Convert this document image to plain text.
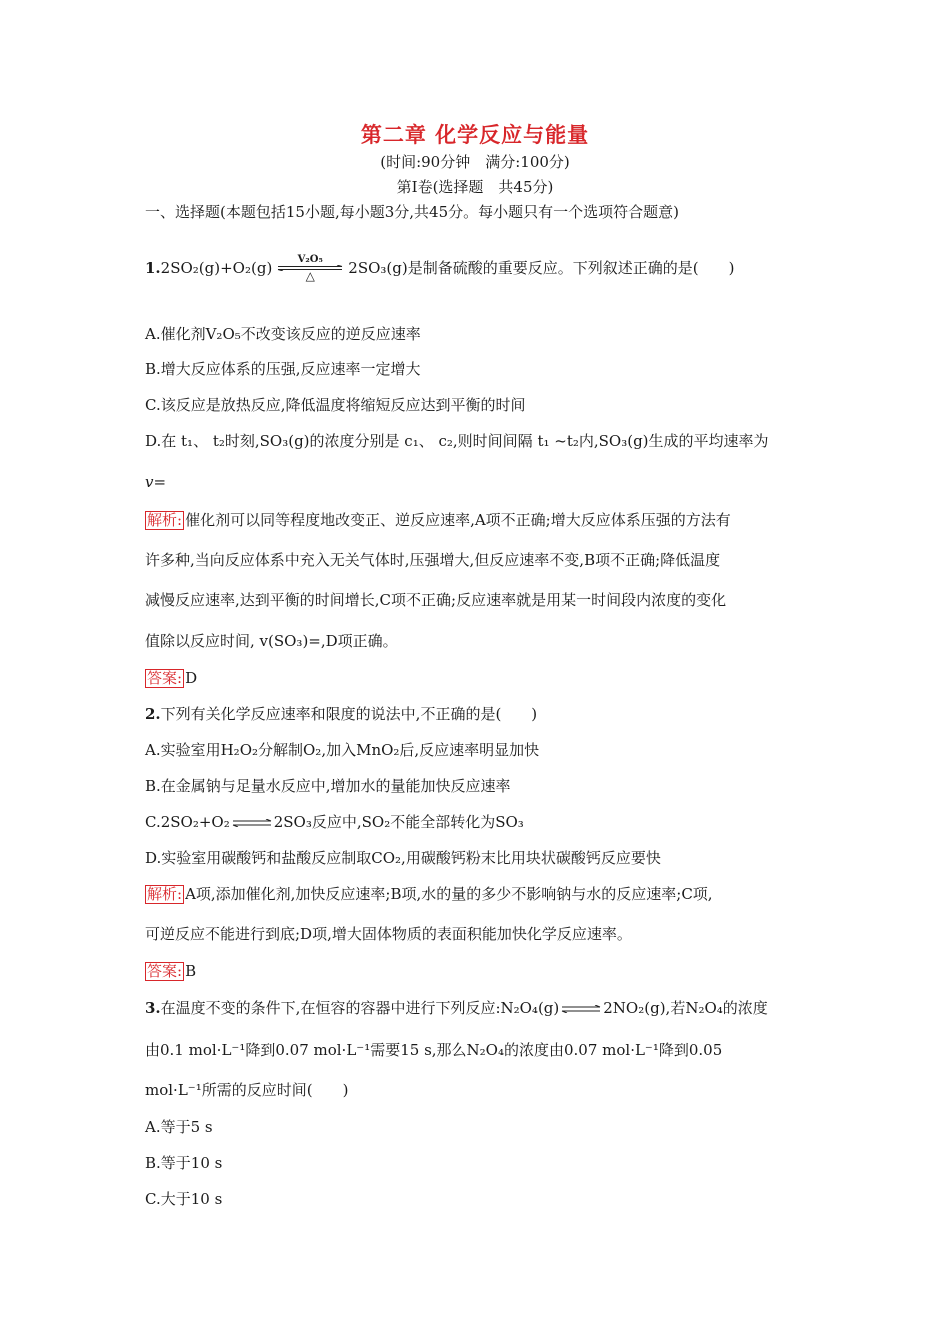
第二章 化学反应与能量
(时间:90分钟　满分:100分)
第Ⅰ卷(选择题　共45分)
一、选择题(本题包括15小题,每小题3分,共45分。每小题只有一个选项符合题意)
1.2SO₂(g)+O₂(g)	V₂O₅
△	2SO₃(g)是制备硫酸的重要反应。下列叙述正确的是(　　)
A.催化剂V₂O₅不改变该反应的逆反应速率
B.增大反应体系的压强,反应速率一定增大
C.该反应是放热反应,降低温度将缩短反应达到平衡的时间
D.在 t₁、 t₂时刻,SO₃(g)的浓度分别是 c₁、 c₂,则时间间隔 t₁ ~t₂内,SO₃(g)生成的平均速率为
v=
解析: 催化剂可以同等程度地改变正、逆反应速率,A项不正确;增大反应体系压强的方法有
许多种,当向反应体系中充入无关气体时,压强增大,但反应速率不变,B项不正确;降低温度
减慢反应速率,达到平衡的时间增长,C项不正确;反应速率就是用某一时间段内浓度的变化
值除以反应时间, v(SO₃)=,D项正确。
答案: D
2.下列有关化学反应速率和限度的说法中,不正确的是(　　)
A.实验室用H₂O₂分解制O₂,加入MnO₂后,反应速率明显加快
B.在金属钠与足量水反应中,增加水的量能加快反应速率
C.2SO₂+O₂ ⇌ 2SO₃反应中,SO₂不能全部转化为SO₃
D.实验室用碳酸钙和盐酸反应制取CO₂,用碳酸钙粉末比用块状碳酸钙反应要快
解析: A项,添加催化剂,加快反应速率;B项,水的量的多少不影响钠与水的反应速率;C项,
可逆反应不能进行到底;D项,增大固体物质的表面积能加快化学反应速率。
答案: B
3.在温度不变的条件下,在恒容的容器中进行下列反应:N₂O₄(g) ⇌ 2NO₂(g),若N₂O₄的浓度
由0.1 mol·L⁻¹降到0.07 mol·L⁻¹需要15 s,那么N₂O₄的浓度由0.07 mol·L⁻¹降到0.05
mol·L⁻¹所需的反应时间(　　)
A.等于5 s
B.等于10 s
C.大于10 s
